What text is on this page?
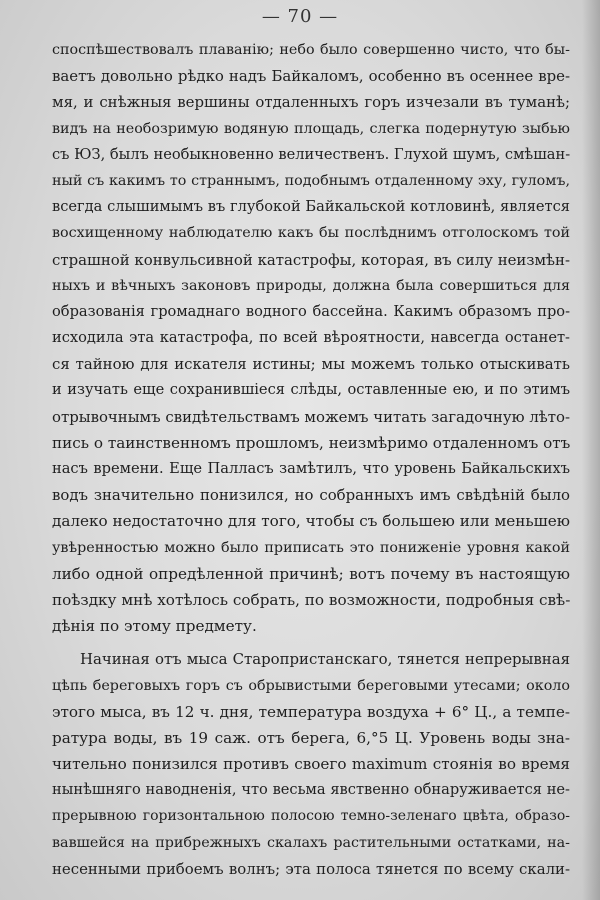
— 70 —
споспѣшествовалъ плаванію; небо было совершенно чисто, что бы-
ваетъ довольно рѣдко надъ Байкаломъ, особенно въ осеннее вре-
мя, и снѣжныя вершины отдаленныхъ горъ изчезали въ туманѣ;
видъ на необозримую водяную площадь, слегка подернутую зыбью
съ ЮЗ, былъ необыкновенно величественъ. Глухой шумъ, смѣшан-
ный съ какимъ то страннымъ, подобнымъ отдаленному эху, гуломъ,
всегда слышимымъ въ глубокой Байкальской котловинѣ, является
восхищенному наблюдателю какъ бы послѣднимъ отголоскомъ той
страшной конвульсивной катастрофы, которая, въ силу неизмѣн-
ныхъ и вѣчныхъ законовъ природы, должна была совершиться для
образованія громаднаго водного бассейна. Какимъ образомъ про-
исходила эта катастрофа, по всей вѣроятности, навсегда останет-
ся тайною для искателя истины; мы можемъ только отыскивать
и изучать еще сохранившіеся слѣды, оставленные ею, и по этимъ
отрывочнымъ свидѣтельствамъ можемъ читать загадочную лѣто-
пись о таинственномъ прошломъ, неизмѣримо отдаленномъ отъ
насъ времени. Еще Палласъ замѣтилъ, что уровень Байкальскихъ
водъ значительно понизился, но собранныхъ имъ свѣдѣній было
далеко недостаточно для того, чтобы съ большею или меньшею
увѣренностью можно было приписать это пониженіе уровня какой
либо одной опредѣленной причинѣ; вотъ почему въ настоящую
поѣздку мнѣ хотѣлось собрать, по возможности, подробныя свѣ-
дѣнія по этому предмету.
Начиная отъ мыса Старопристанскаго, тянется непрерывная
цѣпь береговыхъ горъ съ обрывистыми береговыми утесами; около
этого мыса, въ 12 ч. дня, температура воздуха + 6° Ц., а темпе-
ратура воды, въ 19 саж. отъ берега, 6,°5 Ц. Уровень воды зна-
чительно понизился противъ своего maximum стоянія во время
нынѣшняго наводненія, что весьма явственно обнаруживается не-
прерывною горизонтальною полосою темно-зеленаго цвѣта, образо-
вавшейся на прибрежныхъ скалахъ растительными остатками, на-
несенными прибоемъ волнъ; эта полоса тянется по всему скали-
